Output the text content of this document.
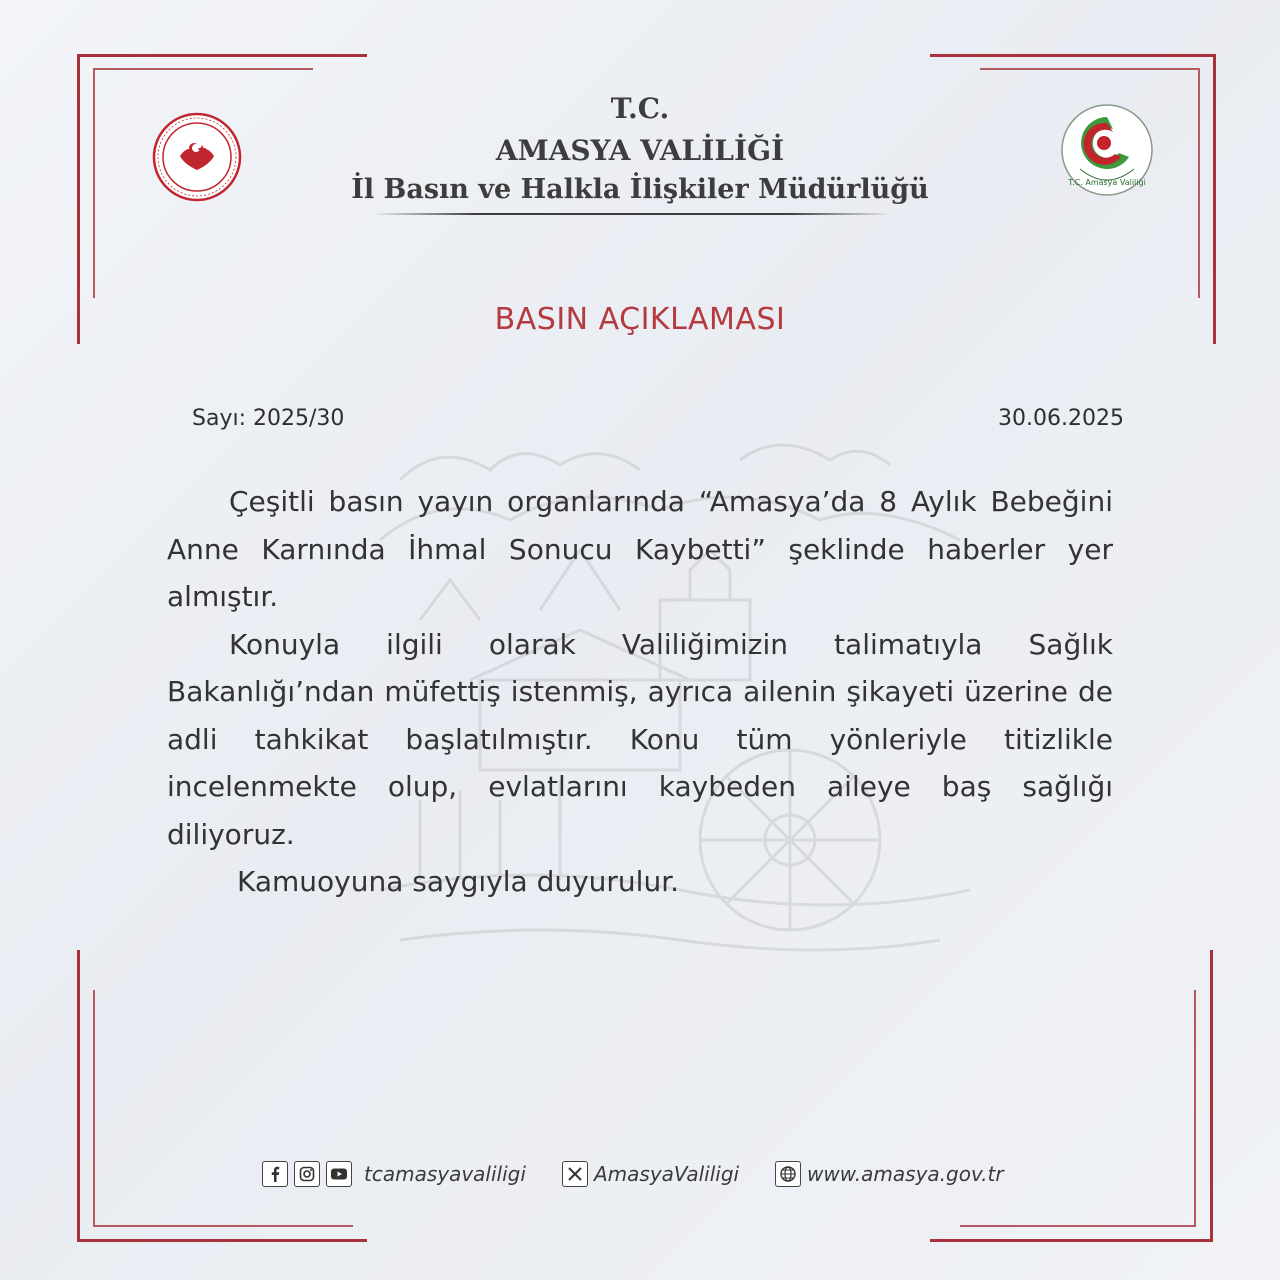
T.C. Amasya Valiliği
T.C.
AMASYA VALİLİĞİ
İl Basın ve Halkla İlişkiler Müdürlüğü
BASIN AÇIKLAMASI
Sayı: 2025/30	30.06.2025

Çeşitli basın yayın organlarında “Amasya’da 8 Aylık Bebeğini Anne Karnında İhmal Sonucu Kaybetti” şeklinde haberler yer almıştır.

Konuyla ilgili olarak Valiliğimizin talimatıyla Sağlık Bakanlığı’ndan müfettiş istenmiş, ayrıca ailenin şikayeti üzerine de adli tahkikat başlatılmıştır. Konu tüm yönleriyle titizlikle incelenmekte olup, evlatlarını kaybeden aileye baş sağlığı diliyoruz.

Kamuoyuna saygıyla duyurulur.

tcamasyavaliligi	AmasyaValiligi	www.amasya.gov.tr
